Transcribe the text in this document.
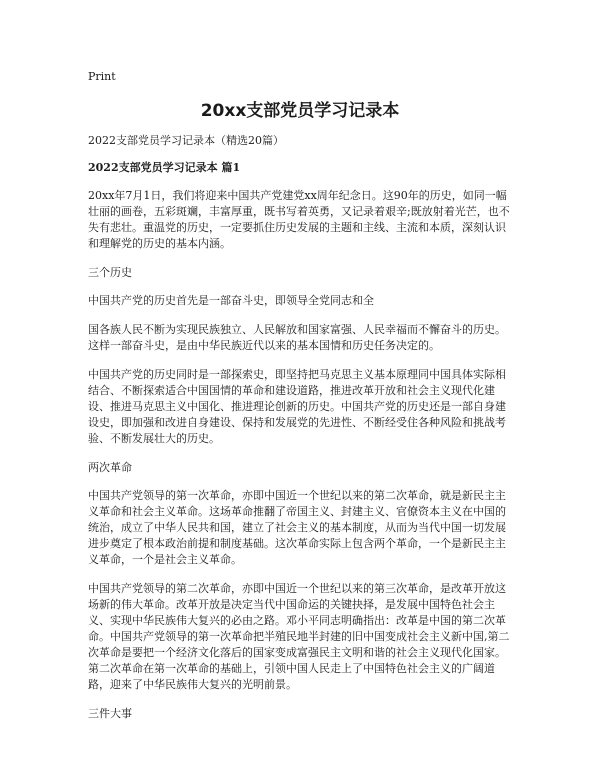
Print
20xx支部党员学习记录本

2022支部党员学习记录本（精选20篇）

2022支部党员学习记录本 篇1

20xx年7月1日，我们将迎来中国共产党建党xx周年纪念日。这90年的历史，如同一幅壮丽的画卷，五彩斑斓，丰富厚重，既书写着英勇，又记录着艰辛;既放射着光芒，也不失有悲壮。重温党的历史，一定要抓住历史发展的主题和主线、主流和本质，深刻认识和理解党的历史的基本内涵。

三个历史

中国共产党的历史首先是一部奋斗史，即领导全党同志和全

国各族人民不断为实现民族独立、人民解放和国家富强、人民幸福而不懈奋斗的历史。这样一部奋斗史，是由中华民族近代以来的基本国情和历史任务决定的。

中国共产党的历史同时是一部探索史，即坚持把马克思主义基本原理同中国具体实际相结合、不断探索适合中国国情的革命和建设道路，推进改革开放和社会主义现代化建设、推进马克思主义中国化、推进理论创新的历史。中国共产党的历史还是一部自身建设史，即加强和改进自身建设、保持和发展党的先进性、不断经受住各种风险和挑战考验、不断发展壮大的历史。

两次革命

中国共产党领导的第一次革命，亦即中国近一个世纪以来的第二次革命，就是新民主主义革命和社会主义革命。这场革命推翻了帝国主义、封建主义、官僚资本主义在中国的统治，成立了中华人民共和国，建立了社会主义的基本制度，从而为当代中国一切发展进步奠定了根本政治前提和制度基础。这次革命实际上包含两个革命，一个是新民主主义革命，一个是社会主义革命。

中国共产党领导的第二次革命，亦即中国近一个世纪以来的第三次革命，是改革开放这场新的伟大革命。改革开放是决定当代中国命运的关键抉择，是发展中国特色社会主义、实现中华民族伟大复兴的必由之路。邓小平同志明确指出：改革是中国的第二次革命。中国共产党领导的第一次革命把半殖民地半封建的旧中国变成社会主义新中国,第二次革命是要把一个经济文化落后的国家变成富强民主文明和谐的社会主义现代化国家。第二次革命在第一次革命的基础上，引领中国人民走上了中国特色社会主义的广阔道路，迎来了中华民族伟大复兴的光明前景。

三件大事
